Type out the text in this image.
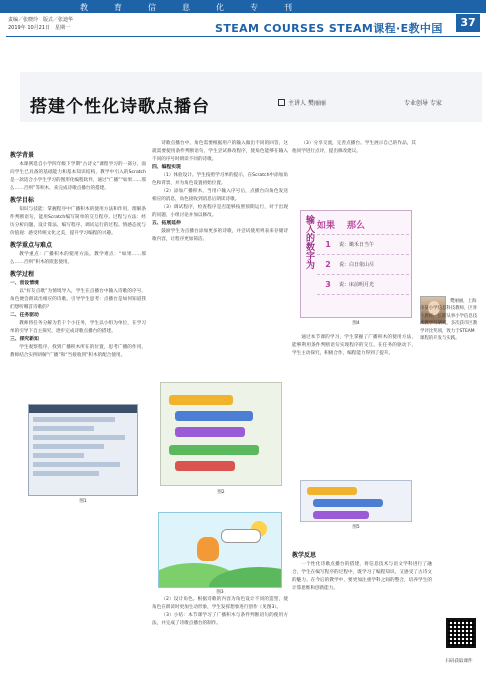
教育信息化专刊
责编／张晓玲　版式／张迪华
2019年 10月21日　星期一	STEAM COURSES STEAM课程·E教中国	37
搭建个性化诗歌点播台	主讲人 樊丽丽	专业创导 专家
教学背景

本课例选自小学四年级下学期“古诗文”课程学习的一部分，面向学生已具备的基础能力和基本知识结构，教学中引入的Scratch是一款适合小学生学习的图形化编程软件，通过“广播”“如果……那么……否则”等积木，来完成诗歌点播台的搭建。

教学目标

知识与技能：掌握程序中广播积木的使用方法和作用，理解条件判断语句，能用Scratch编写简单的交互程序。过程与方法：经历分析问题、设计算法、编写程序、调试运行的过程。情感态度与价值观：感受传统文化之美，提升学习编程的兴趣。

教学重点与难点

教学重点：广播积木的使用方法。教学难点：“如果……那么……否则”积木的嵌套使用。

教学过程
一、创设情境

以“好友点歌”为情境导入，学生在点播台中输入诗歌的序号，角色便会朗读出相应的诗歌。引导学生思考：点播台是如何知道我们想听哪首诗歌的？

二、任务驱动

教师将任务分解为若干个小任务，学生以小组为单位，在学习单的引导下自主探究，逐步完成诗歌点播台的搭建。

三、探究新知

学生观察程序，找到广播积木所在的位置，思考广播的作用，教师结合实例讲解“广播”和“当接收到”积木的配合使用。

图1

诗歌点播台中，角色需要根据用户的输入做出不同的回答，这就需要使用条件判断语句，学生尝试修改程序，使角色能够在输入不同的序号时朗读不同的诗歌。

四、编程实现

（1）体验设计。学生按照学习单的提示，在Scratch中添加角色和背景，并为角色设置初始位置。

（2）添加广播积木，当用户输入序号后，点播台向角色发送相应的消息，角色接收到消息后朗读诗歌。

（3）调试程序，检查程序是否能够按照预期运行，对于出现的问题，小组讨论并加以修改。

五、拓展延伸

鼓励学生为点播台添加更多的诗歌，并尝试使用列表来存储诗歌内容，让程序更加简洁。

图2

（2）设计角色。根据诗歌的内容为角色设计不同的造型，使角色在朗读时更加生动形象，学生发挥想象进行创作（见图3）。

（3）小结：本节课学习了广播积木与条件判断语句的使用方法，并完成了诗歌点播台的制作。

图3

（3）分享交流，完善点播台。学生展示自己的作品，其他同学进行点评，提出修改建议。

输入的数字为 如果	那么
1	说：锄禾日当午
2	说：白日依山尽
3	说：床前明月光
图4

通过本节课的学习，学生掌握了广播积木的使用方法，能够利用条件判断语句实现程序的交互。在任务的驱动下，学生主动探究，积极合作，编程能力得到了提升。

图5
教学反思

一个性化诗歌点播台的搭建，将信息技术与语文学科进行了融合，学生在编写程序的过程中，既学习了编程知识，又感受了古诗文的魅力。在今后的教学中，要更加注重学科之间的整合，培养学生的计算思维和创新能力。

樊丽丽，上海市某小学信息科技教师，区骨干教师，长期从事小学信息技术教学与研究，多次获市区教学评比奖项，致力于STEAM课程的开发与实践。
扫码获取课件
